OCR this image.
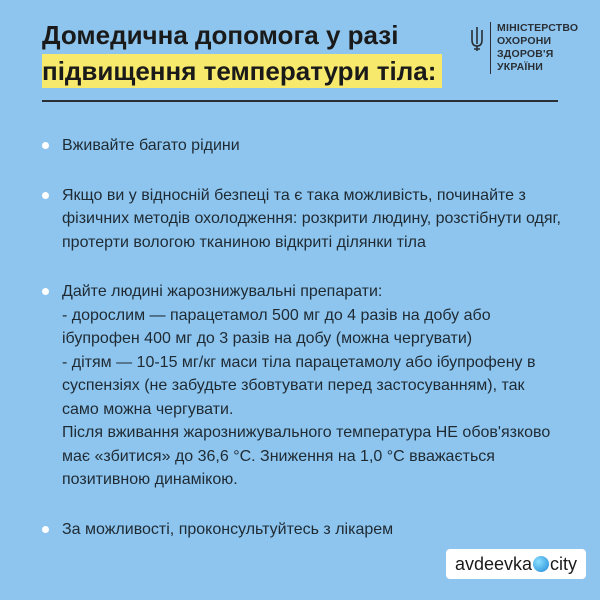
Домедична допомога у разі
підвищення температури тіла:
МІНІСТЕРСТВО
ОХОРОНИ
ЗДОРОВ'Я
УКРАЇНИ
Вживайте багато рідини
Якщо ви у відносній безпеці та є така можливість, починайте з фізичних методів охолодження: розкрити людину, розстібнути одяг, протерти вологою тканиною відкриті ділянки тіла
Дайте людині жарознижувальні препарати:
- дорослим — парацетамол 500 мг до 4 разів на добу або ібупрофен 400 мг до 3 разів на добу (можна чергувати)
- дітям — 10-15 мг/кг маси тіла парацетамолу або ібупрофену в суспензіях (не забудьте збовтувати перед застосуванням), так само можна чергувати.
Після вживання жарознижувального температура НЕ обов'язково має «збитися» до 36,6 °С. Зниження на 1,0 °С вважається позитивною динамікою.
За можливості, проконсультуйтесь з лікарем
avdeevka city
